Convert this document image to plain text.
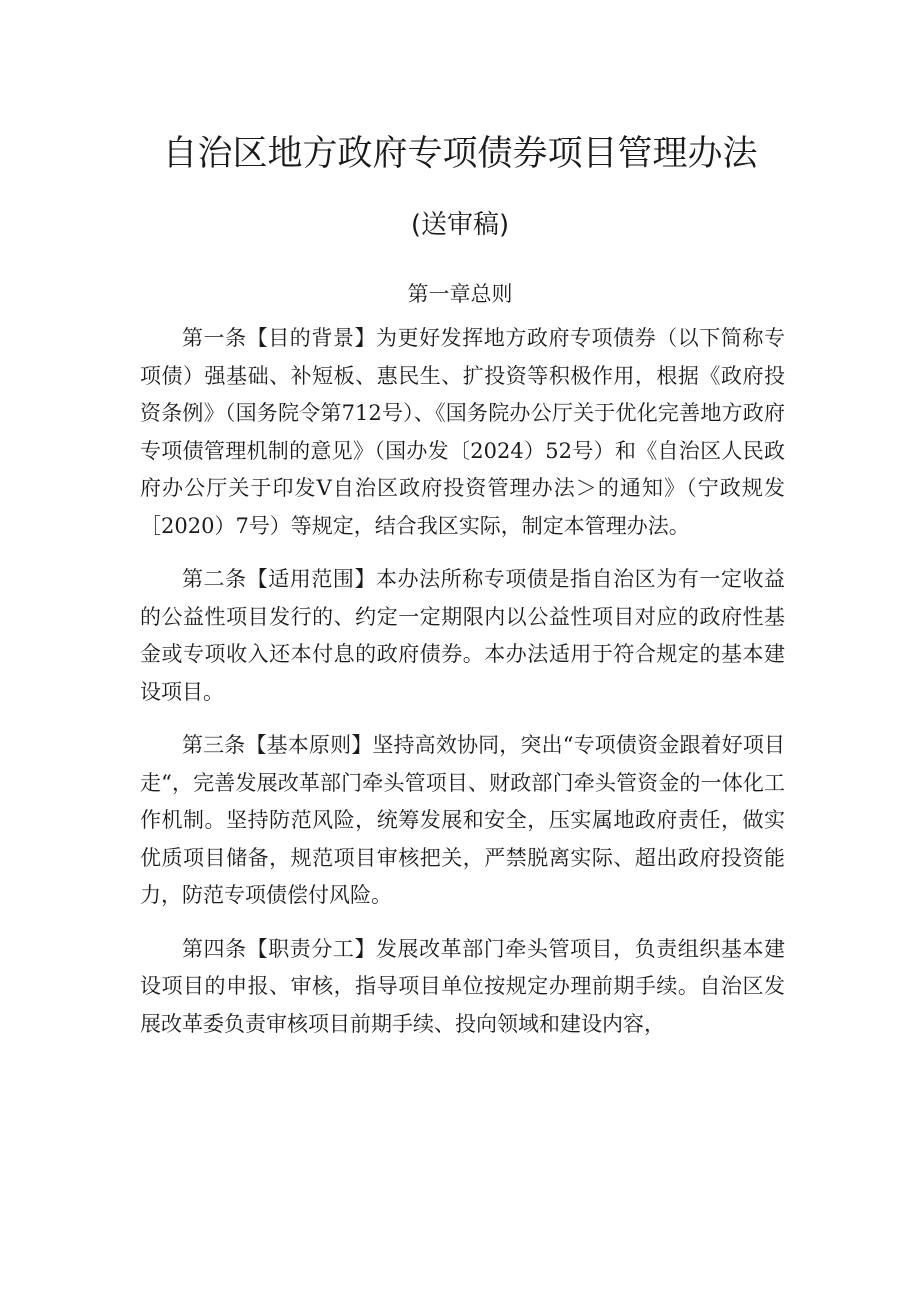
自治区地方政府专项债券项目管理办法
(送审稿)
第一章总则

第一条【目的背景】为更好发挥地方政府专项债券（以下简称专项债）强基础、补短板、惠民生、扩投资等积极作用，根据《政府投资条例》（国务院令第712号）、《国务院办公厅关于优化完善地方政府专项债管理机制的意见》（国办发〔2024）52号）和《自治区人民政府办公厅关于印发V自治区政府投资管理办法＞的通知》（宁政规发［2020）7号）等规定，结合我区实际，制定本管理办法。

第二条【适用范围】本办法所称专项债是指自治区为有一定收益的公益性项目发行的、约定一定期限内以公益性项目对应的政府性基金或专项收入还本付息的政府债券。本办法适用于符合规定的基本建设项目。

第三条【基本原则】坚持高效协同，突出“专项债资金跟着好项目走“，完善发展改革部门牵头管项目、财政部门牵头管资金的一体化工作机制。坚持防范风险，统筹发展和安全，压实属地政府责任，做实优质项目储备，规范项目审核把关，严禁脱离实际、超出政府投资能力，防范专项债偿付风险。

第四条【职责分工】发展改革部门牵头管项目，负责组织基本建设项目的申报、审核，指导项目单位按规定办理前期手续。自治区发展改革委负责审核项目前期手续、投向领域和建设内容，
